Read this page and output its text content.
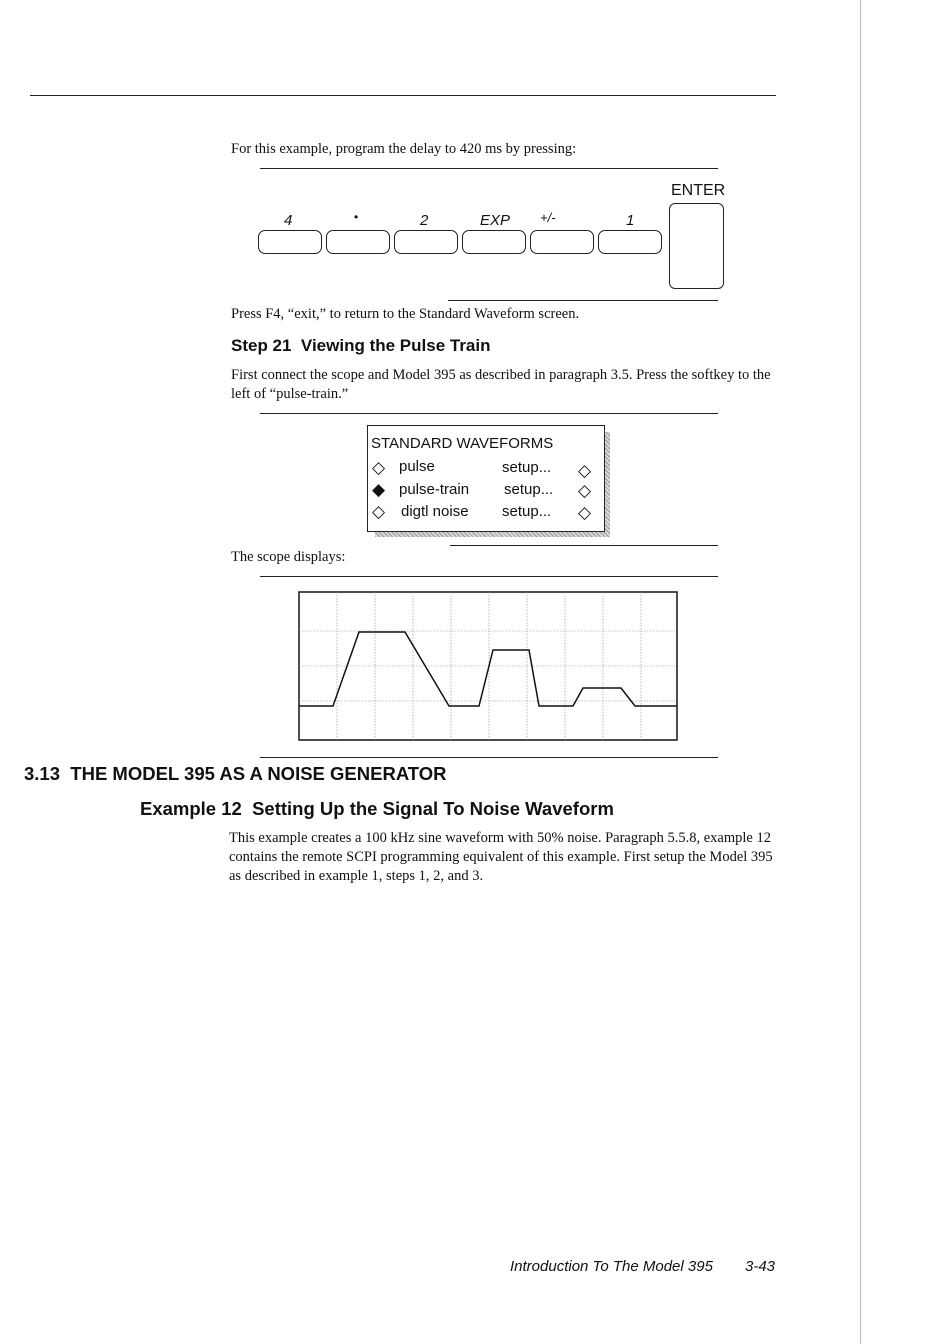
For this example, program the delay to 420 ms by pressing:
ENTER
4	•	2	EXP +/-	1
Press F4, “exit,” to return to the Standard Waveform screen.
Step 21  Viewing the Pulse Train
First connect the scope and Model 395 as described in paragraph 3.5. Press the softkey to the left of “pulse-train.”
STANDARD WAVEFORMS
◇ pulse	setup... ◇
◆ pulse-train setup... ◇
◇ digtl noise setup... ◇
The scope displays:
3.13  THE MODEL 395 AS A NOISE GENERATOR
Example 12  Setting Up the Signal To Noise Waveform
This example creates a 100 kHz sine waveform with 50% noise. Paragraph 5.5.8, example 12 contains the remote SCPI programming equivalent of this example. First setup the Model 395 as described in example 1, steps 1, 2, and 3.
Introduction To The Model 395 3-43
